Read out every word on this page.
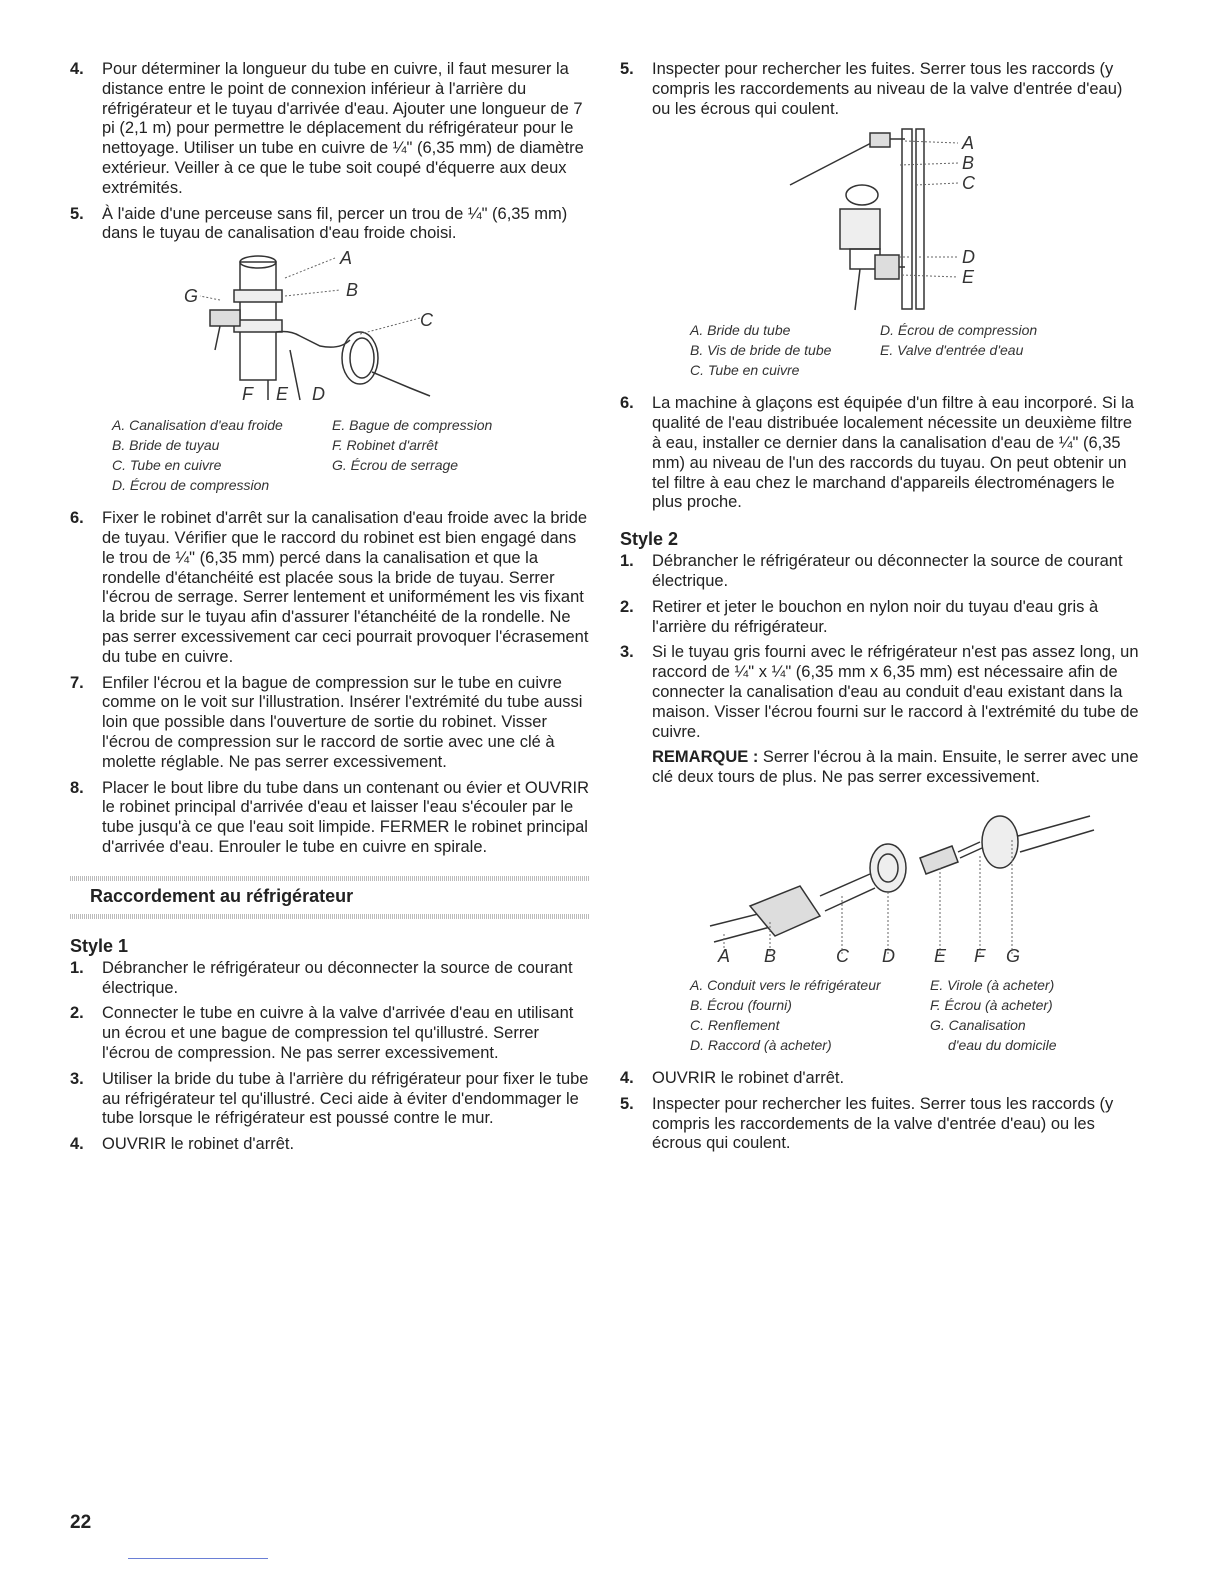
4.	Pour déterminer la longueur du tube en cuivre, il faut mesurer la distance entre le point de connexion inférieur à l'arrière du réfrigérateur et le tuyau d'arrivée d'eau. Ajouter une longueur de 7 pi (2,1 m) pour permettre le déplacement du réfrigérateur pour le nettoyage. Utiliser un tube en cuivre de ¼" (6,35 mm) de diamètre extérieur. Veiller à ce que le tube soit coupé d'équerre aux deux extrémités.
5.	À l'aide d'une perceuse sans fil, percer un trou de ¼" (6,35 mm) dans le tuyau de canalisation d'eau froide choisi.
A
B
C
G
F E D
A. Canalisation d'eau froide	E. Bague de compression
B. Bride de tuyau	F. Robinet d'arrêt
C. Tube en cuivre	G. Écrou de serrage
D. Écrou de compression
6.	Fixer le robinet d'arrêt sur la canalisation d'eau froide avec la bride de tuyau. Vérifier que le raccord du robinet est bien engagé dans le trou de ¼" (6,35 mm) percé dans la canalisation et que la rondelle d'étanchéité est placée sous la bride de tuyau. Serrer l'écrou de serrage. Serrer lentement et uniformément les vis fixant la bride sur le tuyau afin d'assurer l'étanchéité de la rondelle. Ne pas serrer excessivement car ceci pourrait provoquer l'écrasement du tube en cuivre.
7.	Enfiler l'écrou et la bague de compression sur le tube en cuivre comme on le voit sur l'illustration. Insérer l'extrémité du tube aussi loin que possible dans l'ouverture de sortie du robinet. Visser l'écrou de compression sur le raccord de sortie avec une clé à molette réglable. Ne pas serrer excessivement.
8.	Placer le bout libre du tube dans un contenant ou évier et OUVRIR le robinet principal d'arrivée d'eau et laisser l'eau s'écouler par le tube jusqu'à ce que l'eau soit limpide. FERMER le robinet principal d'arrivée d'eau. Enrouler le tube en cuivre en spirale.
Raccordement au réfrigérateur
Style 1
1.	Débrancher le réfrigérateur ou déconnecter la source de courant électrique.
2.	Connecter le tube en cuivre à la valve d'arrivée d'eau en utilisant un écrou et une bague de compression tel qu'illustré. Serrer l'écrou de compression. Ne pas serrer excessivement.
3.	Utiliser la bride du tube à l'arrière du réfrigérateur pour fixer le tube au réfrigérateur tel qu'illustré. Ceci aide à éviter d'endommager le tube lorsque le réfrigérateur est poussé contre le mur.
4.	OUVRIR le robinet d'arrêt.
5.	Inspecter pour rechercher les fuites. Serrer tous les raccords (y compris les raccordements au niveau de la valve d'entrée d'eau) ou les écrous qui coulent.
A
B
C
D
E
A. Bride du tube	D. Écrou de compression
B. Vis de bride de tube	E. Valve d'entrée d'eau
C. Tube en cuivre
6.	La machine à glaçons est équipée d'un filtre à eau incorporé. Si la qualité de l'eau distribuée localement nécessite un deuxième filtre à eau, installer ce dernier dans la canalisation d'eau de ¼" (6,35 mm) au niveau de l'un des raccords du tuyau. On peut obtenir un tel filtre à eau chez le marchand d'appareils électroménagers le plus proche.
Style 2
1.	Débrancher le réfrigérateur ou déconnecter la source de courant électrique.
2.	Retirer et jeter le bouchon en nylon noir du tuyau d'eau gris à l'arrière du réfrigérateur.
3.	Si le tuyau gris fourni avec le réfrigérateur n'est pas assez long, un raccord de ¼" x ¼" (6,35 mm x 6,35 mm) est nécessaire afin de connecter la canalisation d'eau au conduit d'eau existant dans la maison. Visser l'écrou fourni sur le raccord à l'extrémité du tube de cuivre.
REMARQUE : Serrer l'écrou à la main. Ensuite, le serrer avec une clé deux tours de plus. Ne pas serrer excessivement.
A B	C D E F G
A. Conduit vers le réfrigérateur	E. Virole (à acheter)
B. Écrou (fourni)	F. Écrou (à acheter)
C. Renflement	G. Canalisation
D. Raccord (à acheter)	d'eau du domicile
4.	OUVRIR le robinet d'arrêt.
5.	Inspecter pour rechercher les fuites. Serrer tous les raccords (y compris les raccordements de la valve d'entrée d'eau) ou les écrous qui coulent.
22
